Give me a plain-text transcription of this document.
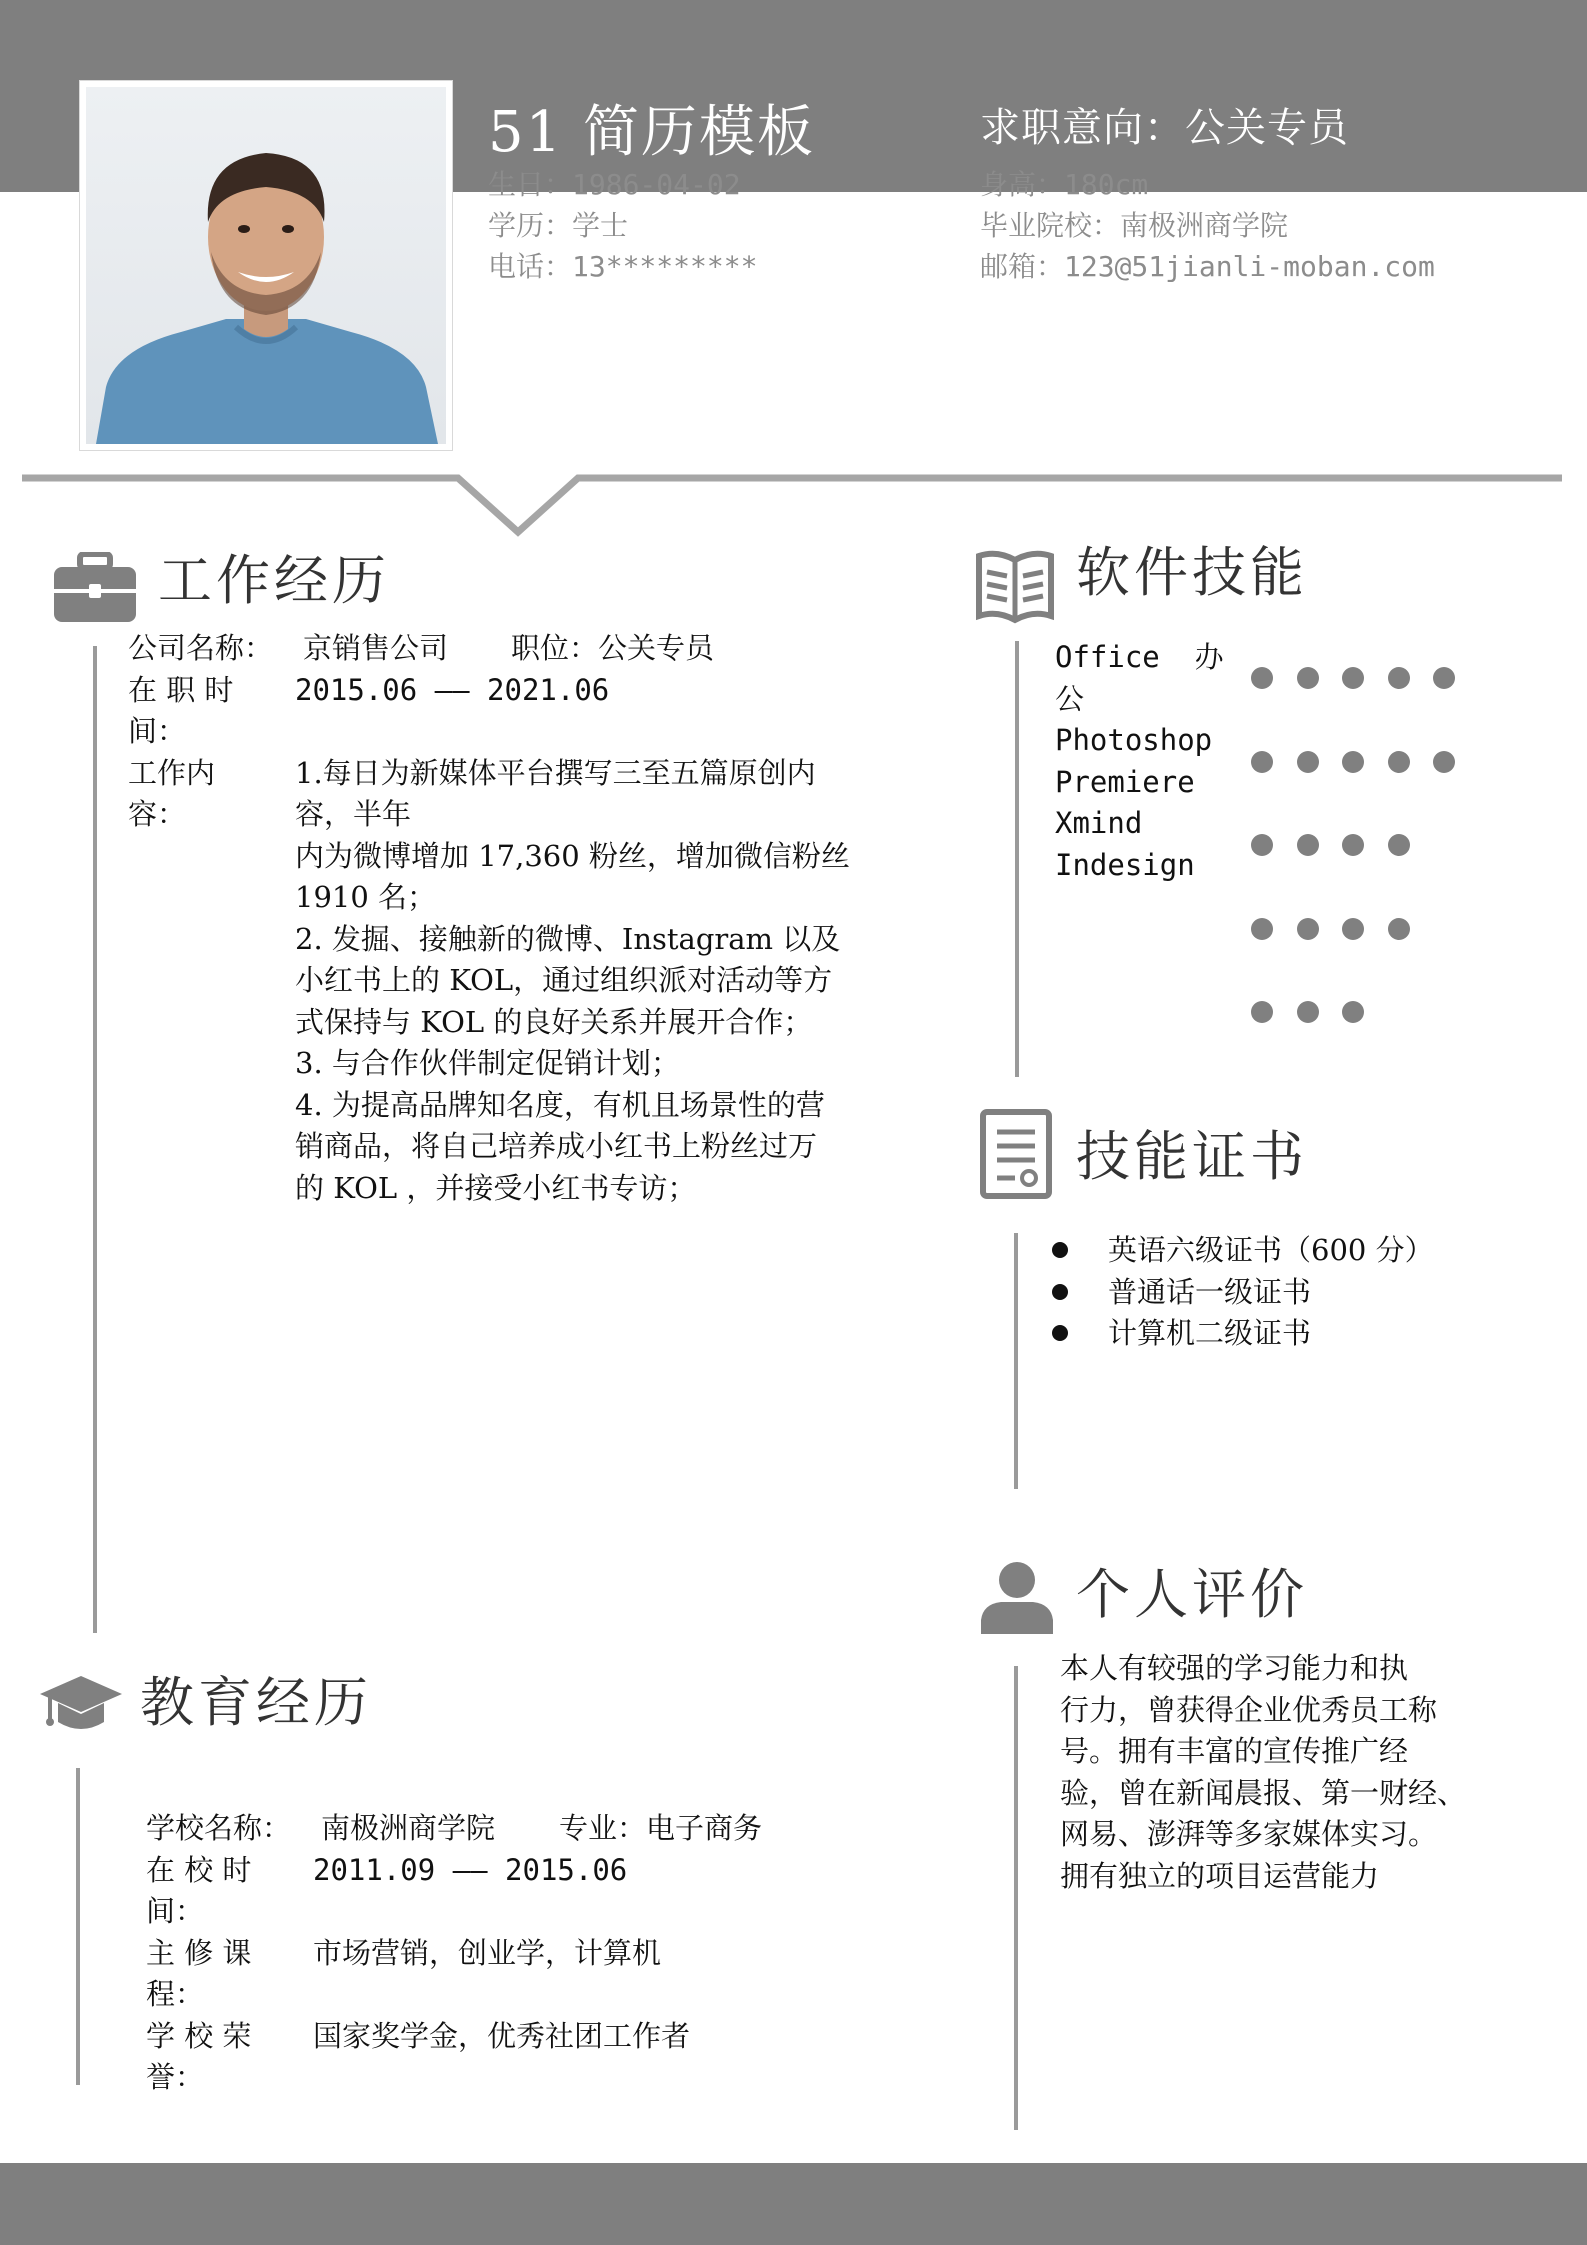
51 简历模板	求职意向：公关专员
生日：1986-04-02
学历：学士
电话：13*********
身高：180cm
毕业院校：南极洲商学院
邮箱：123@51jianli-moban.com
工作经历
公司名称： 京销售公司 职位：公关专员
在 职 时
间：
2015.06 —— 2021.06
工作内
容：
1.每日为新媒体平台撰写三至五篇原创内
容，半年
内为微博增加 17,360 粉丝，增加微信粉丝
1910 名；
2. 发掘、接触新的微博、Instagram 以及
小红书上的 KOL，通过组织派对活动等方
式保持与 KOL 的良好关系并展开合作；
3. 与合作伙伴制定促销计划；
4. 为提高品牌知名度，有机且场景性的营
销商品，将自己培养成小红书上粉丝过万
的 KOL ，并接受小红书专访；
教育经历
学校名称： 南极洲商学院 专业：电子商务
在 校 时
间：
2011.09 —— 2015.06
主 修 课
程：
市场营销，创业学，计算机
学 校 荣
誉：
国家奖学金，优秀社团工作者
软件技能
Office  办
公
Photoshop
Premiere
Xmind
Indesign
技能证书
英语六级证书（600 分）
普通话一级证书
计算机二级证书
个人评价
本人有较强的学习能力和执
行力，曾获得企业优秀员工称
号。拥有丰富的宣传推广经
验，曾在新闻晨报、第一财经、
网易、澎湃等多家媒体实习。
拥有独立的项目运营能力
